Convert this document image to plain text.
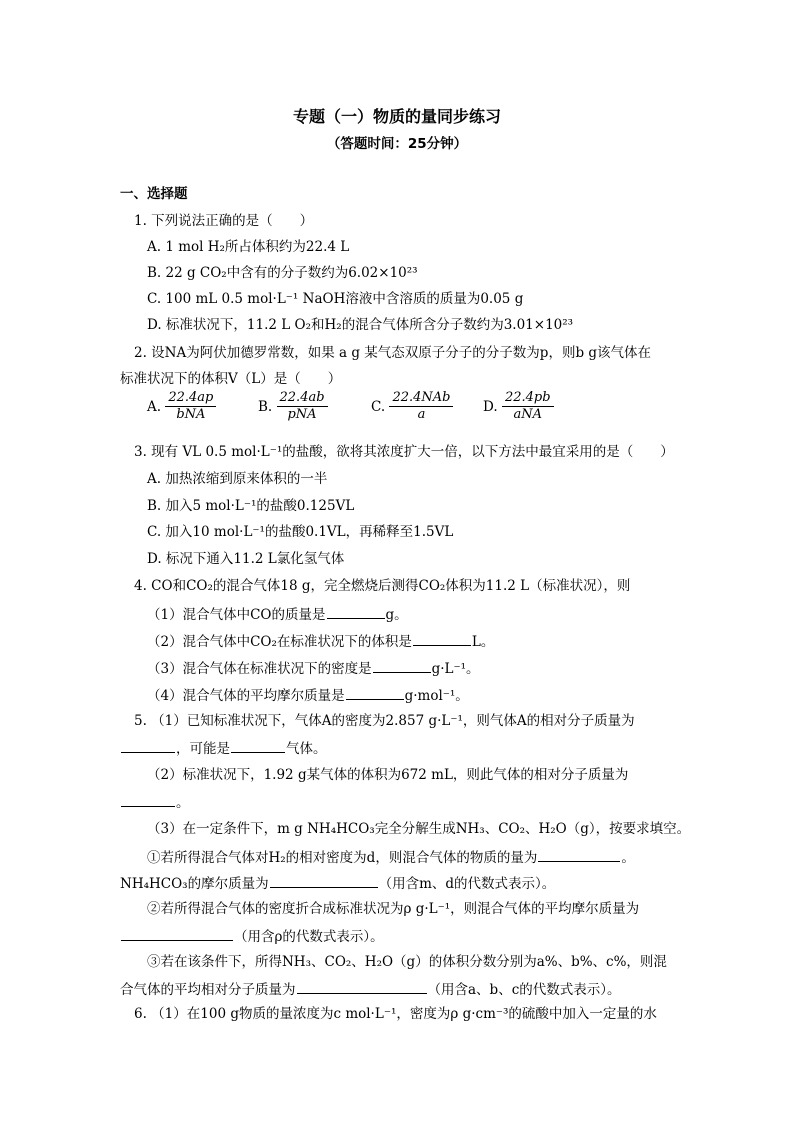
专题（一）物质的量同步练习
（答题时间：25分钟）
一、选择题
1. 下列说法正确的是（　　）
A. 1 mol H₂所占体积约为22.4 L
B. 22 g CO₂中含有的分子数约为6.02×10²³
C. 100 mL 0.5 mol·L⁻¹ NaOH溶液中含溶质的质量为0.05 g
D. 标准状况下，11.2 L O₂和H₂的混合气体所含分子数约为3.01×10²³
2. 设NA为阿伏加德罗常数，如果 a g 某气态双原子分子的分子数为p，则b g该气体在
标准状况下的体积V（L）是（　　）
A. $\frac{22.4ap}{\text{bNA}}$	B. $\frac{22.4ab}{\text{pNA}}$	C. $\frac{\text{22.4NAb}}{a} D$. $\frac{22.4pb}{\text{aNA}}$
3. 现有 VL 0.5 mol·L⁻¹的盐酸，欲将其浓度扩大一倍，以下方法中最宜采用的是（　　）
A. 加热浓缩到原来体积的一半
B. 加入5 mol·L⁻¹的盐酸0.125VL
C. 加入10 mol·L⁻¹的盐酸0.1VL，再稀释至1.5VL
D. 标况下通入11.2 L氯化氢气体
4. CO和CO₂的混合气体18 g，完全燃烧后测得CO₂体积为11.2 L（标准状况），则
（1）混合气体中CO的质量是	g。
（2）混合气体中CO₂在标准状况下的体积是	L。
（3）混合气体在标准状况下的密度是	g·L⁻¹。
（4）混合气体的平均摩尔质量是	g·mol⁻¹。
5. （1）已知标准状况下，气体A的密度为2.857 g·L⁻¹，则气体A的相对分子质量为
，可能是	气体。
（2）标准状况下，1.92 g某气体的体积为672 mL，则此气体的相对分子质量为
。
（3）在一定条件下，m g NH₄HCO₃完全分解生成NH₃、CO₂、H₂O（g），按要求填空。
①若所得混合气体对H₂的相对密度为d，则混合气体的物质的量为	。
NH₄HCO₃的摩尔质量为	（用含m、d的代数式表示）。
②若所得混合气体的密度折合成标准状况为ρ g·L⁻¹，则混合气体的平均摩尔质量为
（用含ρ的代数式表示）。
③若在该条件下，所得NH₃、CO₂、H₂O（g）的体积分数分别为a%、b%、c%，则混
合气体的平均相对分子质量为	（用含a、b、c的代数式表示）。
6. （1）在100 g物质的量浓度为c mol·L⁻¹，密度为ρ g·cm⁻³的硫酸中加入一定量的水
